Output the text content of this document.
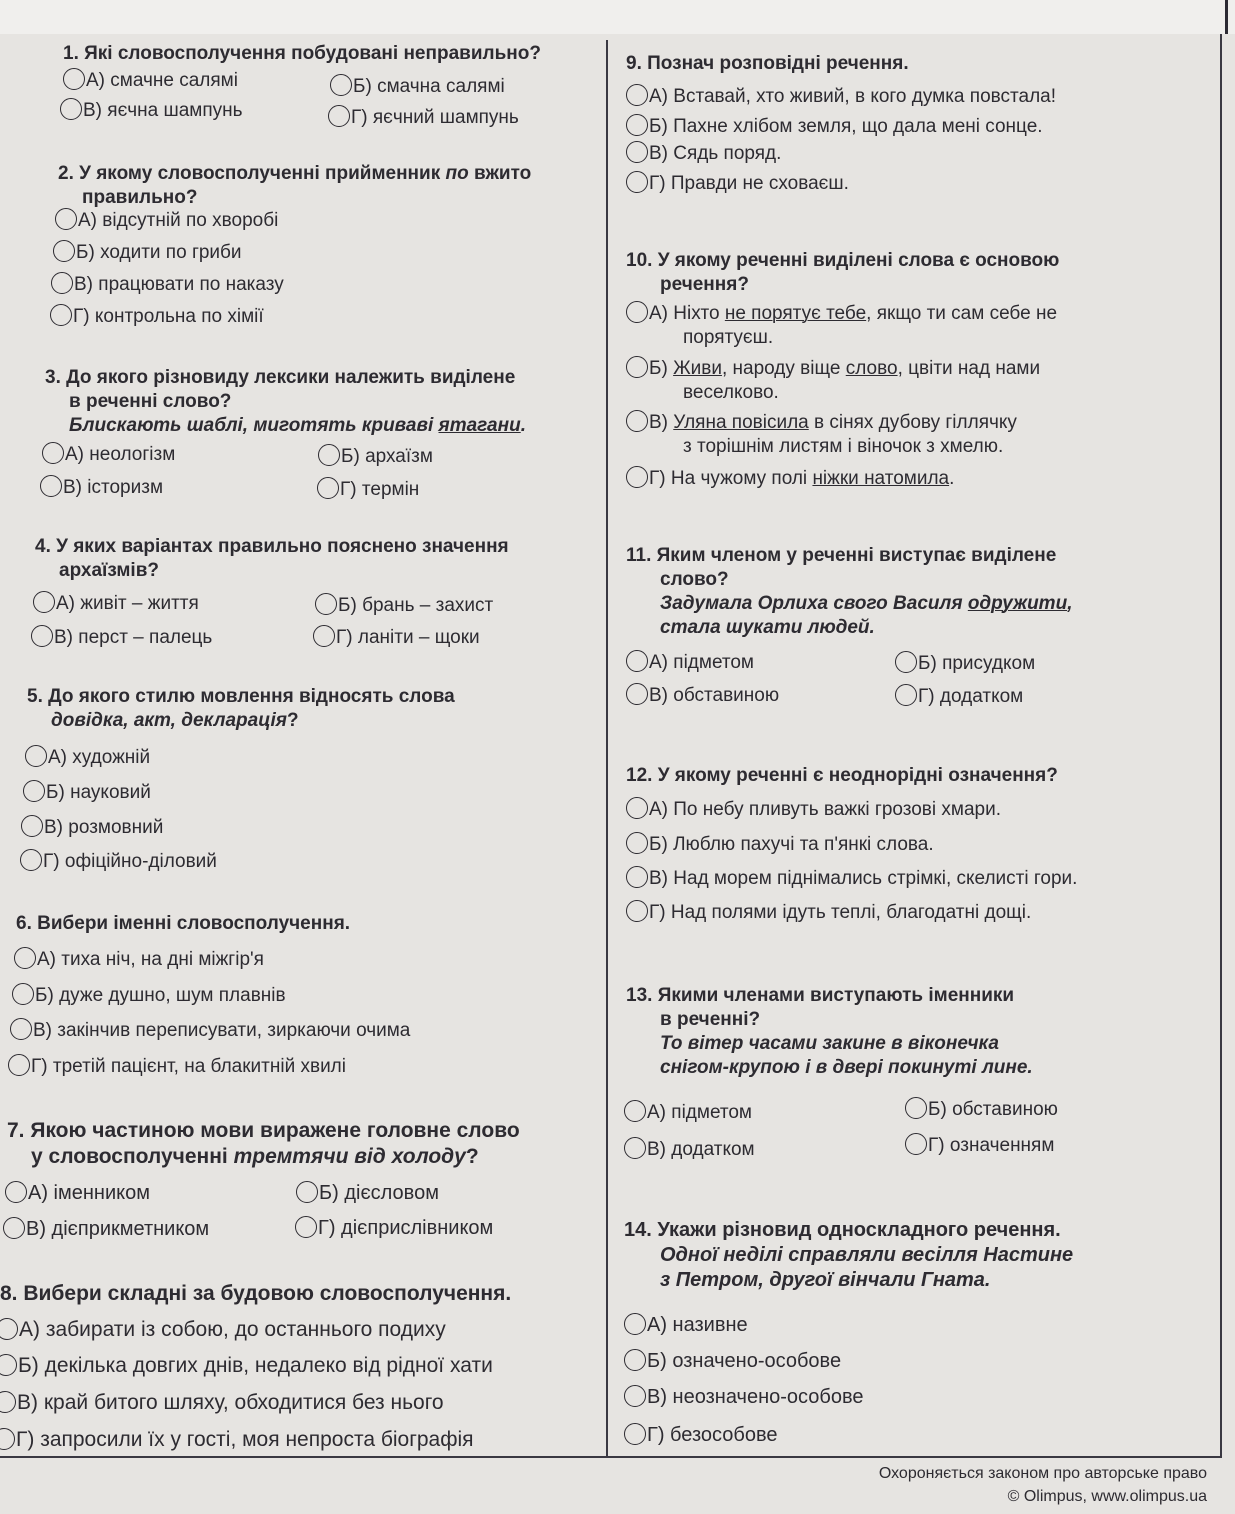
1. Які словосполучення побудовані неправильно?
А) смачне салямі	Б) смачна салямі
В) яєчна шампунь	Г) яєчний шампунь
2. У якому словосполученні прийменник по вжито
правильно?
А) відсутній по хворобі
Б) ходити по гриби
В) працювати по наказу
Г) контрольна по хімії
3. До якого різновиду лексики належить виділене
в реченні слово?
Блискають шаблі, миготять криваві ятагани.
А) неологізм	Б) архаїзм
В) історизм	Г) термін
4. У яких варіантах правильно пояснено значення
архаїзмів?
А) живіт – життя	Б) брань – захист
В) перст – палець	Г) ланіти – щоки
5. До якого стилю мовлення відносять слова
довідка, акт, декларація?
А) художній
Б) науковий
В) розмовний
Г) офіційно-діловий
6. Вибери іменні словосполучення.
А) тиха ніч, на дні міжгір'я
Б) дуже душно, шум плавнів
В) закінчив переписувати, зиркаючи очима
Г) третій пацієнт, на блакитній хвилі
7. Якою частиною мови виражене головне слово
у словосполученні тремтячи від холоду?
А) іменником	Б) дієсловом
В) дієприкметником	Г) дієприслівником
8. Вибери складні за будовою словосполучення.
А) забирати із собою, до останнього подиху
Б) декілька довгих днів, недалеко від рідної хати
В) край битого шляху, обходитися без нього
Г) запросили їх у гості, моя непроста біографія
9. Познач розповідні речення.
А) Вставай, хто живий, в кого думка повстала!
Б) Пахне хлібом земля, що дала мені сонце.
В) Сядь поряд.
Г) Правди не сховаєш.
10. У якому реченні виділені слова є основою
речення?
А) Ніхто не порятує тебе, якщо ти сам себе не
порятуєш.
Б) Живи, народу віще слово, цвіти над нами
веселково.
В) Уляна повісила в сінях дубову гіллячку
з торішнім листям і віночок з хмелю.
Г) На чужому полі ніжки натомила.
11. Яким членом у реченні виступає виділене
слово?
Задумала Орлиха свого Василя одружити,
стала шукати людей.
А) підметом	Б) присудком
В) обставиною	Г) додатком
12. У якому реченні є неоднорідні означення?
А) По небу пливуть важкі грозові хмари.
Б) Люблю пахучі та п'янкі слова.
В) Над морем піднімались стрімкі, скелисті гори.
Г) Над полями ідуть теплі, благодатні дощі.
13. Якими членами виступають іменники
в реченні?
То вітер часами закине в віконечка
снігом-крупою і в двері покинуті лине.
А) підметом	Б) обставиною
В) додатком	Г) означенням
14. Укажи різновид односкладного речення.
Одної неділі справляли весілля Настине
з Петром, другої вінчали Гната.
А) називне
Б) означено-особове
В) неозначено-особове
Г) безособове
Охороняється законом про авторське право
© Olimpus, www.olimpus.ua
